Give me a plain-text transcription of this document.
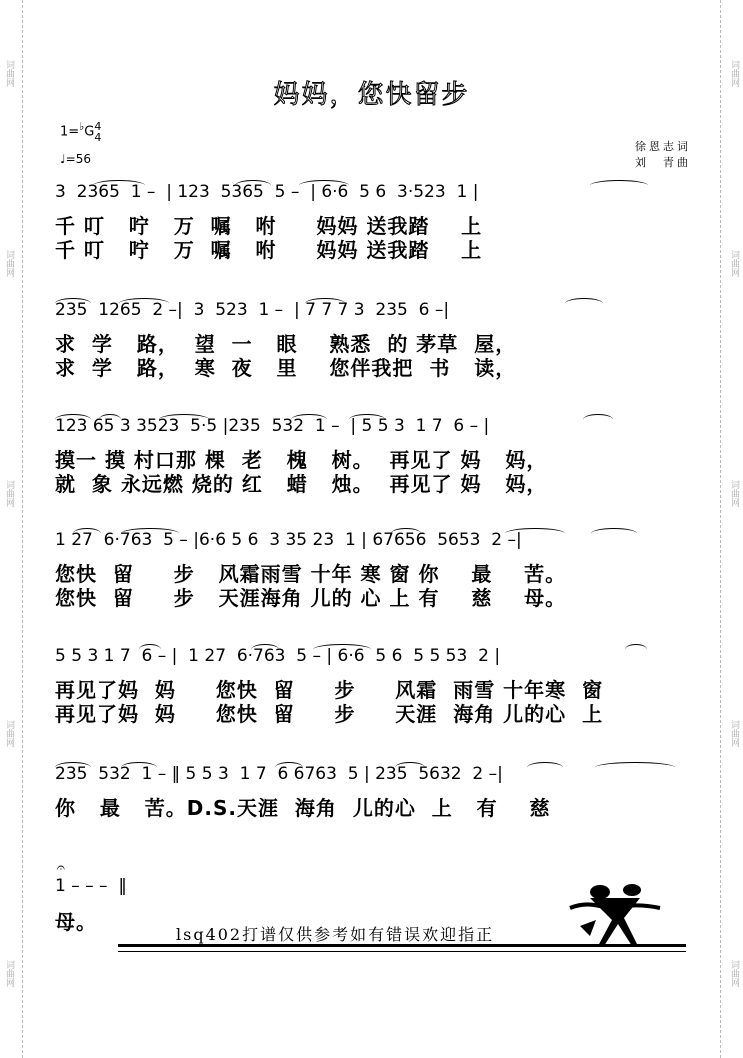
词曲网
词曲网
词曲网
词曲网
词曲网
词曲网
词曲网
词曲网
词曲网
词曲网
妈妈，您快留步
1=♭G4
4
♩=56
徐恩志词
刘　青曲
3  2365  1 –  | 123  5365  5 –  | 6·6  5 6  3·523  1 |
千 叮   咛   万  嘱   咐     妈妈 送我踏    上
千 叮   咛   万  嘱   咐     妈妈 送我踏    上
235  1265  2 –|  3  523  1 –  | 7 7 7 3  235  6 –|
求  学   路，  望  一   眼    熟悉  的 茅草  屋，
求  学   路，  寒  夜   里    您伴我把  书   读，
123 65 3 3523  5·5 |235  532  1 –  | 5 5 3  1 7  6 – |
摸一 摸 村口那 棵  老   槐   树。  再见了 妈   妈，
就  象 永远燃 烧的 红   蜡   烛。  再见了 妈   妈，
1 27  6·763  5 – |6·6 5 6  3 35 23  1 | 67656  5653  2 –|
您快  留     步   风霜雨雪 十年 寒 窗 你    最    苦。
您快  留     步   天涯海角 儿的 心 上 有    慈    母。
5 5 3 1 7  6 – |  1 27  6·763  5 – | 6·6  5 6  5 5 53  2 |
再见了妈  妈     您快  留     步     风霜  雨雪 十年寒  窗
再见了妈  妈     您快  留     步     天涯  海角 儿的心  上
235  532  1 – ‖ 5 5 3  1 7  6 6763  5 | 235  5632  2 –|
你   最   苦。D.S.天涯  海角  儿的心  上   有    慈
1 – – –  ‖
𝄐
母。
lsq402打谱仅供参考如有错误欢迎指正
